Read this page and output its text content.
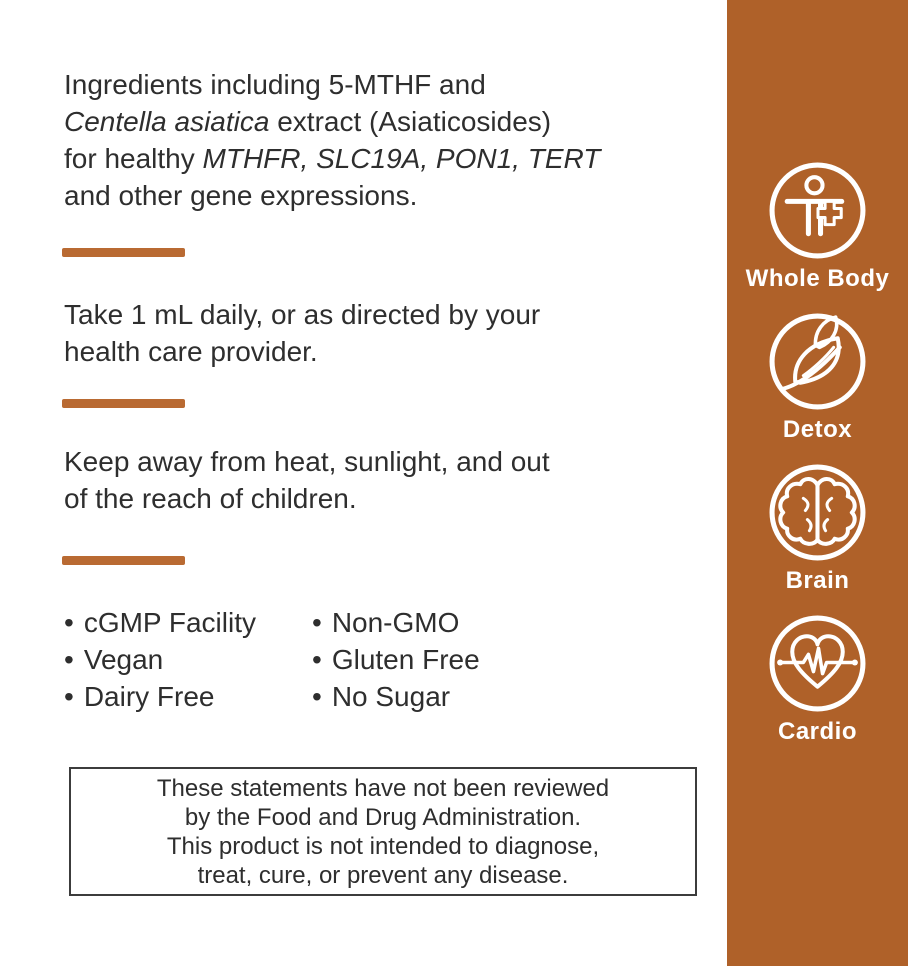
Ingredients including 5-MTHF and
Centella asiatica extract (Asiaticosides)
for healthy MTHFR, SLC19A, PON1, TERT
and other gene expressions.

Take 1 mL daily, or as directed by your
health care provider.

Keep away from heat, sunlight, and out
of the reach of children.

• cGMP Facility
• Vegan
• Dairy Free
• Non-GMO
• Gluten Free
• No Sugar

These statements have not been reviewed
by the Food and Drug Administration.
This product is not intended to diagnose,
treat, cure, or prevent any disease.

Whole Body
Detox
Brain
Cardio
